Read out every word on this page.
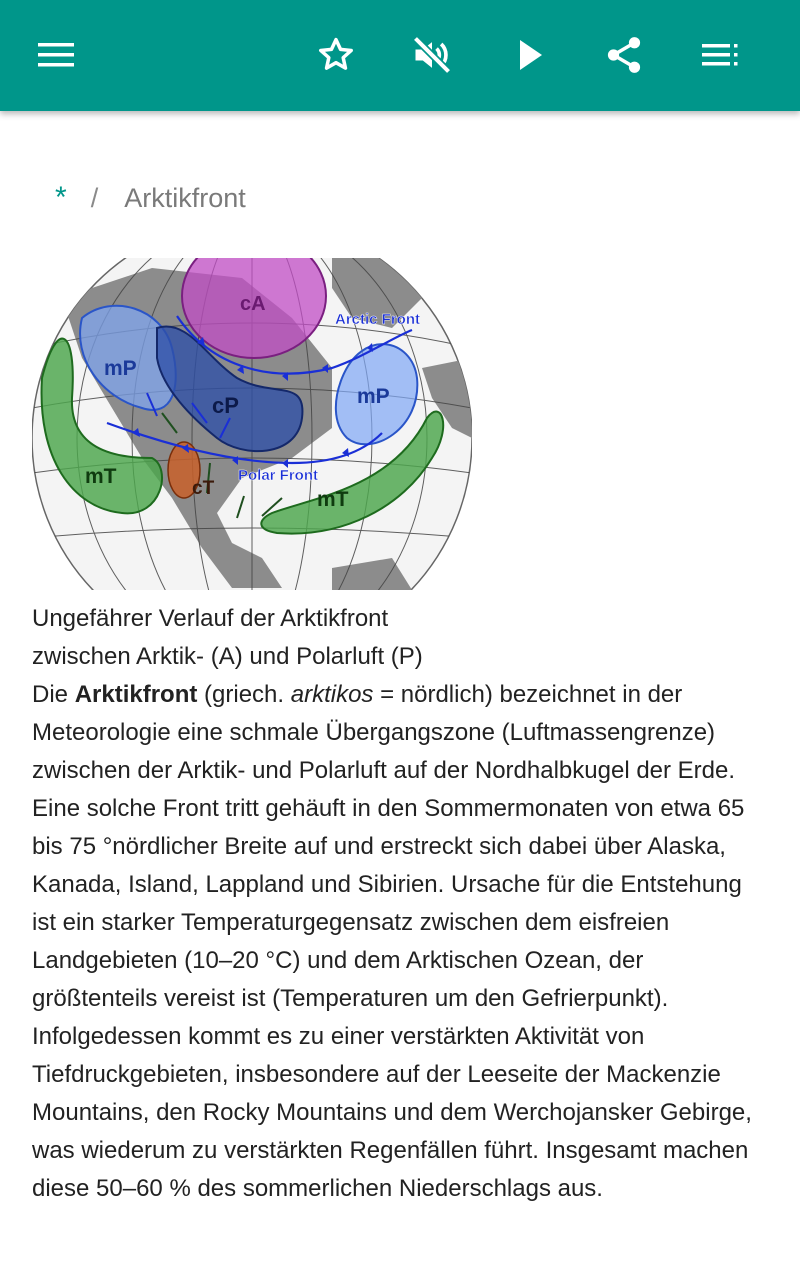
* / Arktikfront
cA
mP
mP
cP
mT
mT
cT
Arctic Front
Polar Front
Ungefährer Verlauf der Arktikfront
zwischen Arktik- (A) und Polarluft (P)
Die Arktikfront (griech. arktikos = nördlich) bezeichnet in der Meteorologie eine schmale Übergangszone (Luftmassengrenze) zwischen der Arktik- und Polarluft auf der Nordhalbkugel der Erde. Eine solche Front tritt gehäuft in den Sommermonaten von etwa 65 bis 75 °nördlicher Breite auf und erstreckt sich dabei über Alaska, Kanada, Island, Lappland und Sibirien. Ursache für die Entstehung ist ein starker Temperaturgegensatz zwischen dem eisfreien Landgebieten (10–20 °C) und dem Arktischen Ozean, der größtenteils vereist ist (Temperaturen um den Gefrierpunkt). Infolgedessen kommt es zu einer verstärkten Aktivität von Tiefdruckgebieten, insbesondere auf der Leeseite der Mackenzie Mountains, den Rocky Mountains und dem Werchojansker Gebirge, was wiederum zu verstärkten Regenfällen führt. Insgesamt machen diese 50–60 % des sommerlichen Niederschlags aus.
